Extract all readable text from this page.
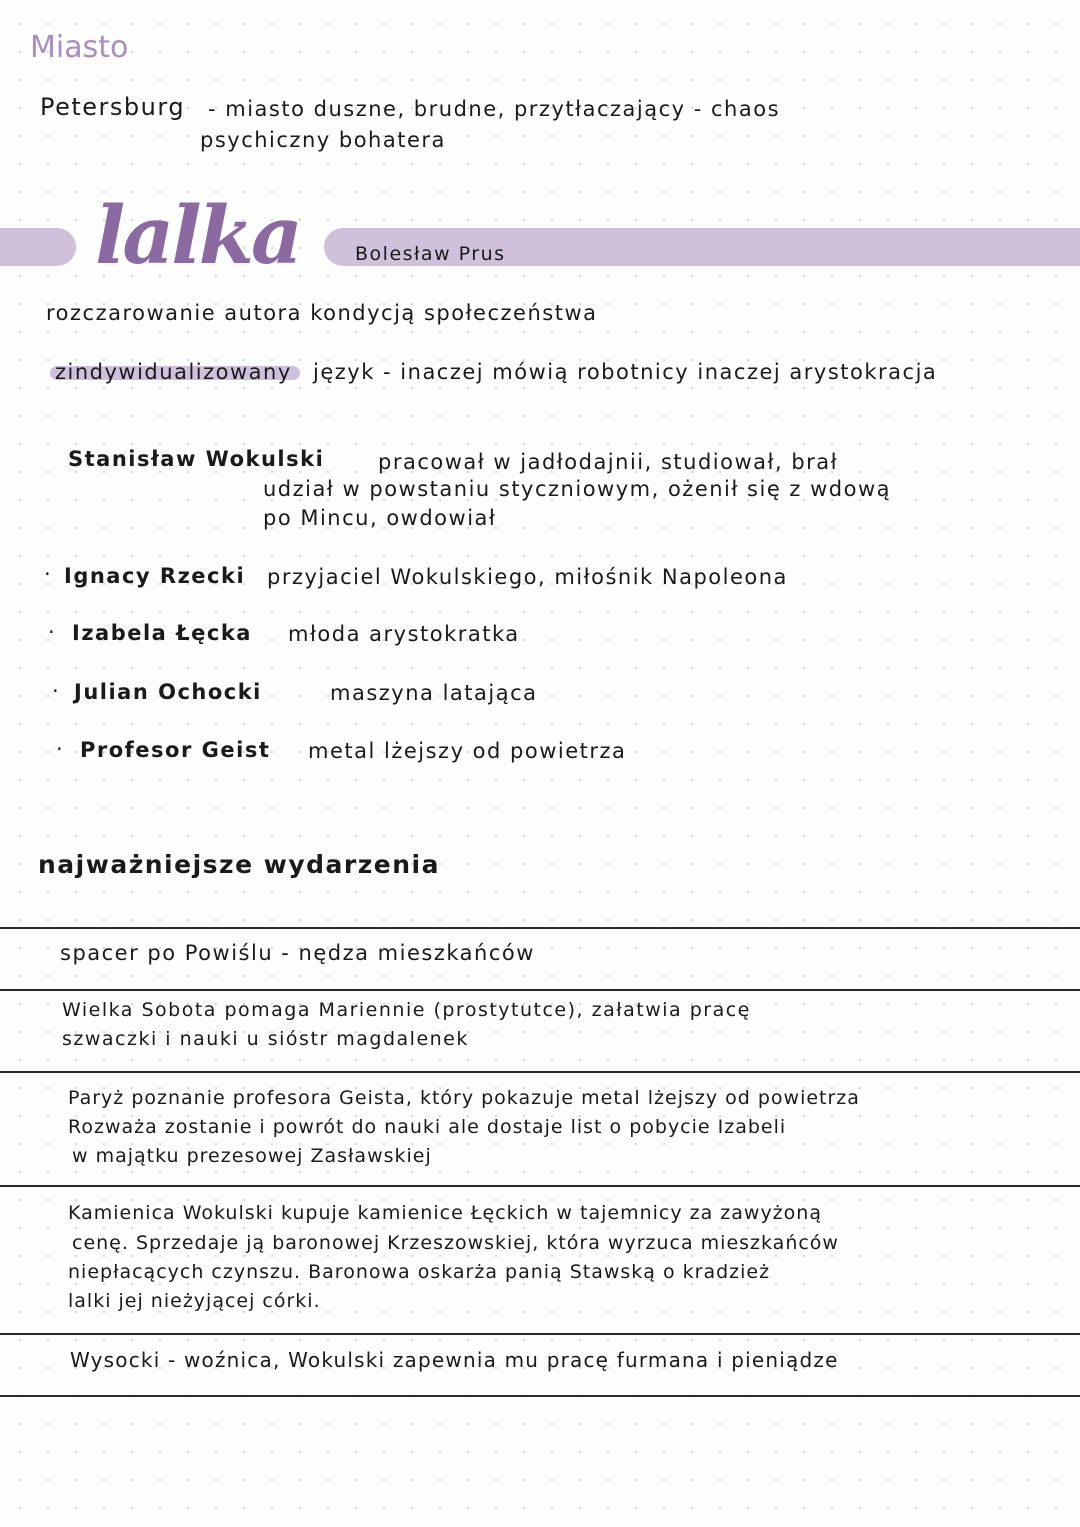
Miasto
Petersburg - miasto duszne, brudne, przytłaczający - chaos
psychiczny bohatera
lalka	Bolesław Prus
rozczarowanie autora kondycją społeczeństwa
zindywidualizowany język - inaczej mówią robotnicy inaczej arystokracja
Stanisław Wokulski	pracował w jadłodajnii, studiował, brał
udział w powstaniu styczniowym, ożenił się z wdową
po Mincu, owdowiał
· Ignacy Rzecki przyjaciel Wokulskiego, miłośnik Napoleona
· Izabela Łęcka młoda arystokratka
· Julian Ochocki	maszyna latająca
· Profesor Geist metal lżejszy od powietrza
najważniejsze wydarzenia
spacer po Powiślu - nędza mieszkańców
Wielka Sobota pomaga Mariennie (prostytutce), załatwia pracę
szwaczki i nauki u sióstr magdalenek
Paryż poznanie profesora Geista, który pokazuje metal lżejszy od powietrza
Rozważa zostanie i powrót do nauki ale dostaje list o pobycie Izabeli
w majątku prezesowej Zasławskiej
Kamienica Wokulski kupuje kamienice Łęckich w tajemnicy za zawyżoną
cenę. Sprzedaje ją baronowej Krzeszowskiej, która wyrzuca mieszkańców
niepłacących czynszu. Baronowa oskarża panią Stawską o kradzież
lalki jej nieżyjącej córki.
Wysocki - woźnica, Wokulski zapewnia mu pracę furmana i pieniądze
